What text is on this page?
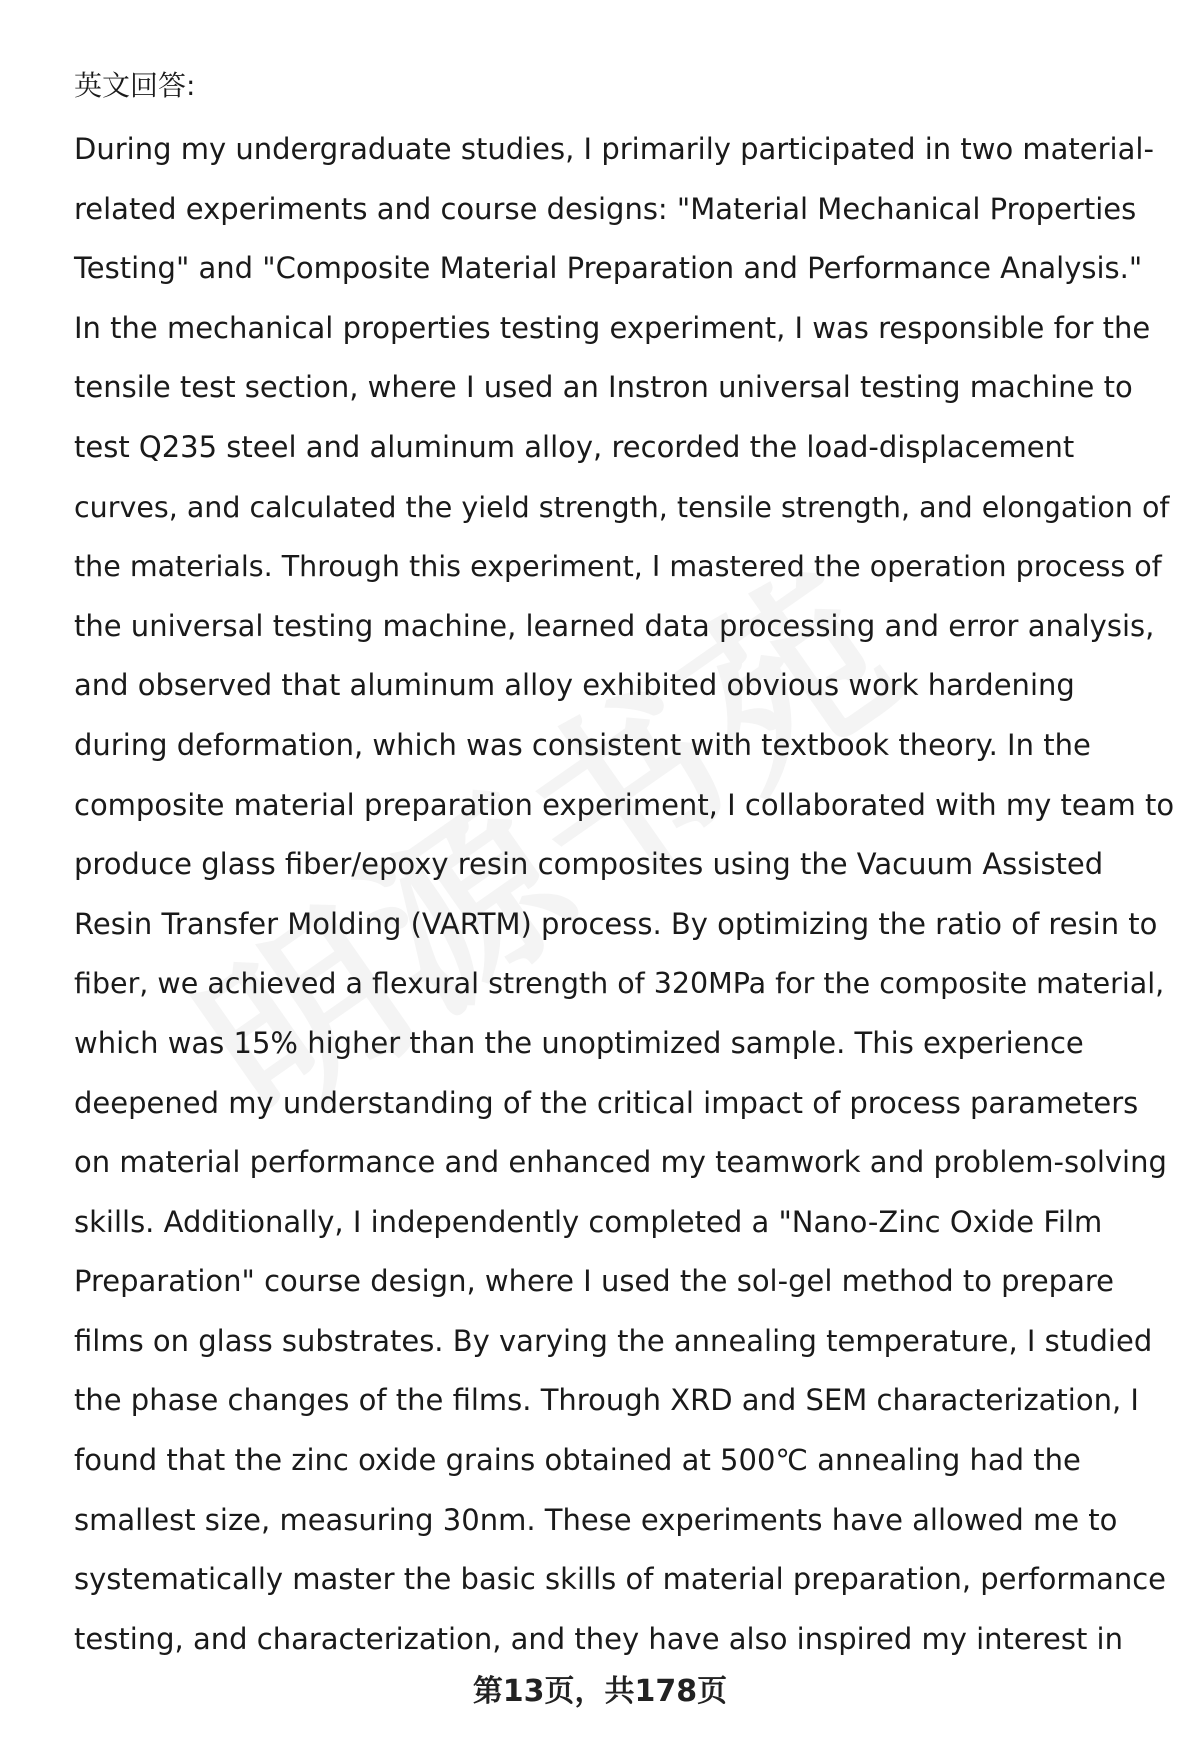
英文回答:
During my undergraduate studies, I primarily participated in two material-
related experiments and course designs: "Material Mechanical Properties
Testing" and "Composite Material Preparation and Performance Analysis."
In the mechanical properties testing experiment, I was responsible for the
tensile test section, where I used an Instron universal testing machine to
test Q235 steel and aluminum alloy, recorded the load-displacement
curves, and calculated the yield strength, tensile strength, and elongation of
the materials. Through this experiment, I mastered the operation process of
the universal testing machine, learned data processing and error analysis,
and observed that aluminum alloy exhibited obvious work hardening
during deformation, which was consistent with textbook theory. In the
composite material preparation experiment, I collaborated with my team to
produce glass fiber/epoxy resin composites using the Vacuum Assisted
Resin Transfer Molding (VARTM) process. By optimizing the ratio of resin to
fiber, we achieved a flexural strength of 320MPa for the composite material,
which was 15% higher than the unoptimized sample. This experience
deepened my understanding of the critical impact of process parameters
on material performance and enhanced my teamwork and problem-solving
skills. Additionally, I independently completed a "Nano-Zinc Oxide Film
Preparation" course design, where I used the sol-gel method to prepare
films on glass substrates. By varying the annealing temperature, I studied
the phase changes of the films. Through XRD and SEM characterization, I
found that the zinc oxide grains obtained at 500℃ annealing had the
smallest size, measuring 30nm. These experiments have allowed me to
systematically master the basic skills of material preparation, performance
testing, and characterization, and they have also inspired my interest in
第13页，共178页
